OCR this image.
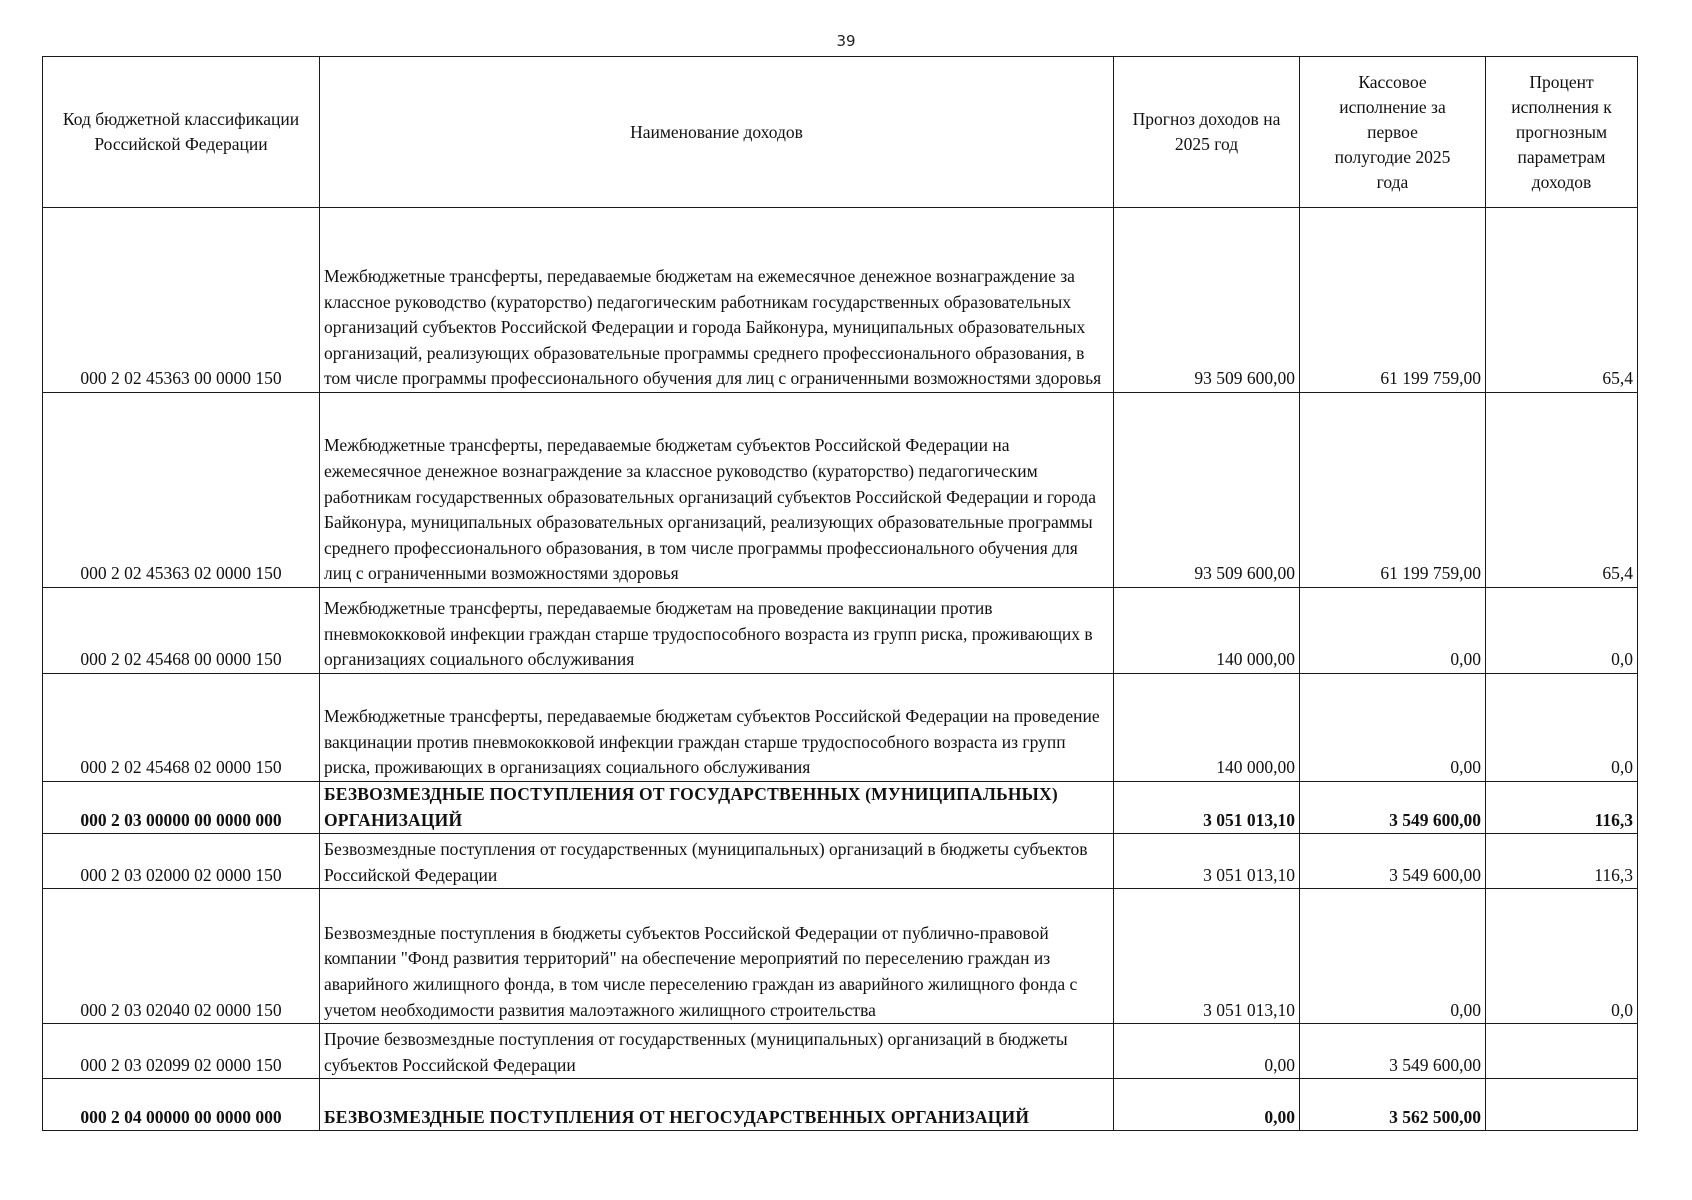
39
Код бюджетной классификации Российской Федерации	Наименование доходов	Прогноз доходов на 2025 год	Кассовое исполнение за первое полугодие 2025 года	Процент исполнения к прогнозным параметрам доходов
000 2 02 45363 00 0000 150	Межбюджетные трансферты, передаваемые бюджетам на ежемесячное денежное вознаграждение за классное руководство (кураторство) педагогическим работникам государственных образовательных организаций субъектов Российской Федерации и города Байконура, муниципальных образовательных организаций, реализующих образовательные программы среднего профессионального образования, в том числе программы профессионального обучения для лиц с ограниченными возможностями здоровья	93 509 600,00	61 199 759,00	65,4
000 2 02 45363 02 0000 150	Межбюджетные трансферты, передаваемые бюджетам субъектов Российской Федерации на ежемесячное денежное вознаграждение за классное руководство (кураторство) педагогическим работникам государственных образовательных организаций субъектов Российской Федерации и города Байконура, муниципальных образовательных организаций, реализующих образовательные программы среднего профессионального образования, в том числе программы профессионального обучения для лиц с ограниченными возможностями здоровья	93 509 600,00	61 199 759,00	65,4
000 2 02 45468 00 0000 150	Межбюджетные трансферты, передаваемые бюджетам на проведение вакцинации против пневмококковой инфекции граждан старше трудоспособного возраста из групп риска, проживающих в организациях социального обслуживания	140 000,00	0,00	0,0
000 2 02 45468 02 0000 150	Межбюджетные трансферты, передаваемые бюджетам субъектов Российской Федерации на проведение вакцинации против пневмококковой инфекции граждан старше трудоспособного возраста из групп риска, проживающих в организациях социального обслуживания	140 000,00	0,00	0,0
000 2 03 00000 00 0000 000	БЕЗВОЗМЕЗДНЫЕ ПОСТУПЛЕНИЯ ОТ ГОСУДАРСТВЕННЫХ (МУНИЦИПАЛЬНЫХ) ОРГАНИЗАЦИЙ	3 051 013,10	3 549 600,00	116,3
000 2 03 02000 02 0000 150	Безвозмездные поступления от государственных (муниципальных) организаций в бюджеты субъектов Российской Федерации	3 051 013,10	3 549 600,00	116,3
000 2 03 02040 02 0000 150	Безвозмездные поступления в бюджеты субъектов Российской Федерации от публично-правовой компании "Фонд развития территорий" на обеспечение мероприятий по переселению граждан из аварийного жилищного фонда, в том числе переселению граждан из аварийного жилищного фонда с учетом необходимости развития малоэтажного жилищного строительства	3 051 013,10	0,00	0,0
000 2 03 02099 02 0000 150	Прочие безвозмездные поступления от государственных (муниципальных) организаций в бюджеты субъектов Российской Федерации	0,00	3 549 600,00	
000 2 04 00000 00 0000 000	БЕЗВОЗМЕЗДНЫЕ ПОСТУПЛЕНИЯ ОТ НЕГОСУДАРСТВЕННЫХ ОРГАНИЗАЦИЙ	0,00	3 562 500,00	
